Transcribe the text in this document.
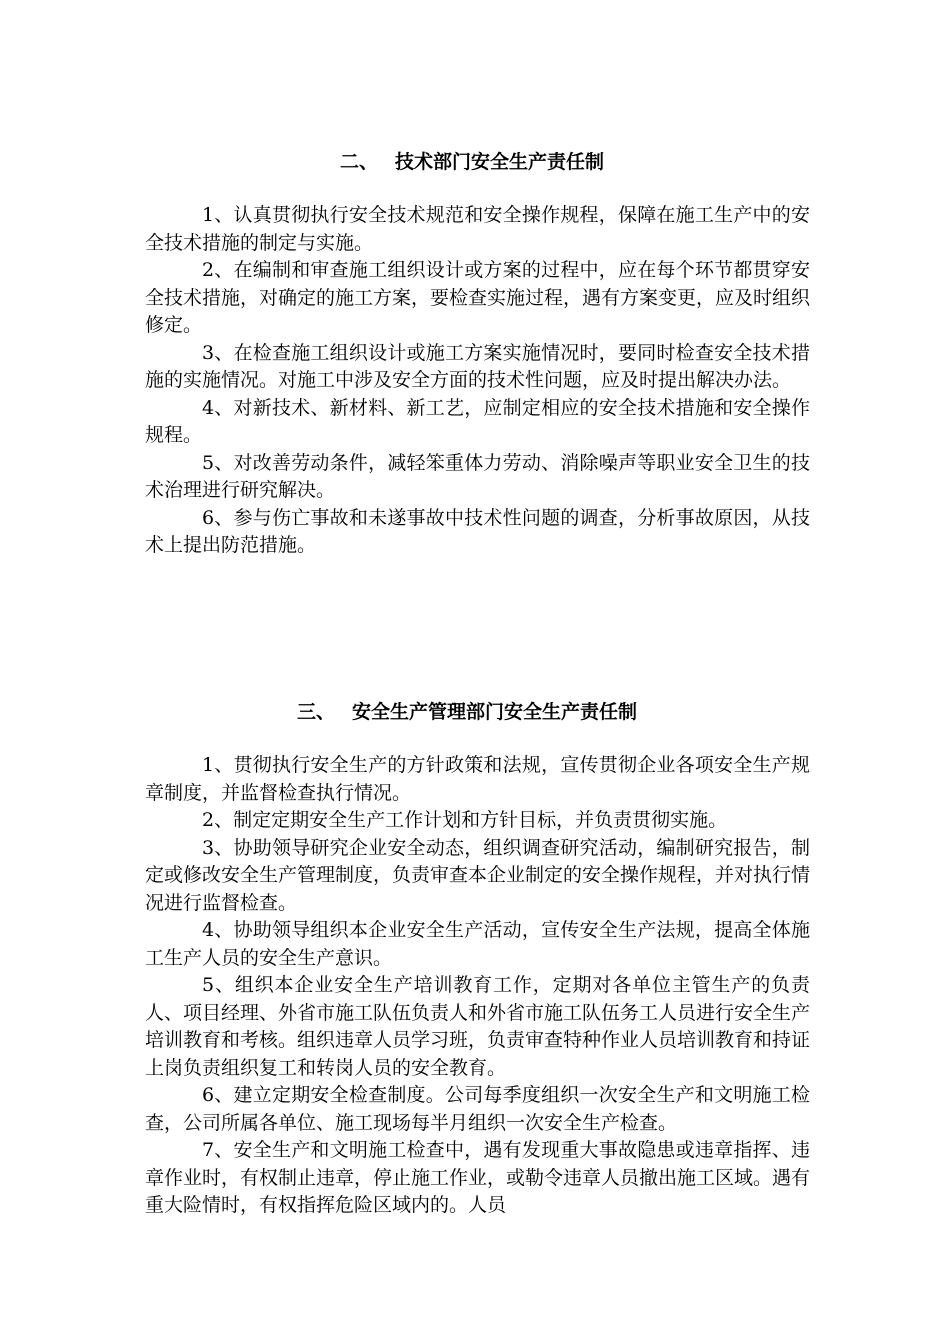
二、 技术部门安全生产责任制

1、认真贯彻执行安全技术规范和安全操作规程，保障在施工生产中的安全技术措施的制定与实施。

2、在编制和审查施工组织设计或方案的过程中，应在每个环节都贯穿安全技术措施，对确定的施工方案，要检查实施过程，遇有方案变更，应及时组织修定。

3、在检查施工组织设计或施工方案实施情况时，要同时检查安全技术措施的实施情况。对施工中涉及安全方面的技术性问题，应及时提出解决办法。

4、对新技术、新材料、新工艺，应制定相应的安全技术措施和安全操作规程。

5、对改善劳动条件，减轻笨重体力劳动、消除噪声等职业安全卫生的技术治理进行研究解决。

6、参与伤亡事故和未遂事故中技术性问题的调查，分析事故原因，从技术上提出防范措施。

三、 安全生产管理部门安全生产责任制

1、贯彻执行安全生产的方针政策和法规，宣传贯彻企业各项安全生产规章制度，并监督检查执行情况。

2、制定定期安全生产工作计划和方针目标，并负责贯彻实施。

3、协助领导研究企业安全动态，组织调查研究活动，编制研究报告，制定或修改安全生产管理制度，负责审查本企业制定的安全操作规程，并对执行情况进行监督检查。

4、协助领导组织本企业安全生产活动，宣传安全生产法规，提高全体施工生产人员的安全生产意识。

5、组织本企业安全生产培训教育工作，定期对各单位主管生产的负责人、项目经理、外省市施工队伍负责人和外省市施工队伍务工人员进行安全生产培训教育和考核。组织违章人员学习班，负责审查特种作业人员培训教育和持证上岗负责组织复工和转岗人员的安全教育。

6、建立定期安全检查制度。公司每季度组织一次安全生产和文明施工检查，公司所属各单位、施工现场每半月组织一次安全生产检查。

7、安全生产和文明施工检查中，遇有发现重大事故隐患或违章指挥、违章作业时，有权制止违章，停止施工作业，或勒令违章人员撤出施工区域。遇有重大险情时，有权指挥危险区域内的。人员
